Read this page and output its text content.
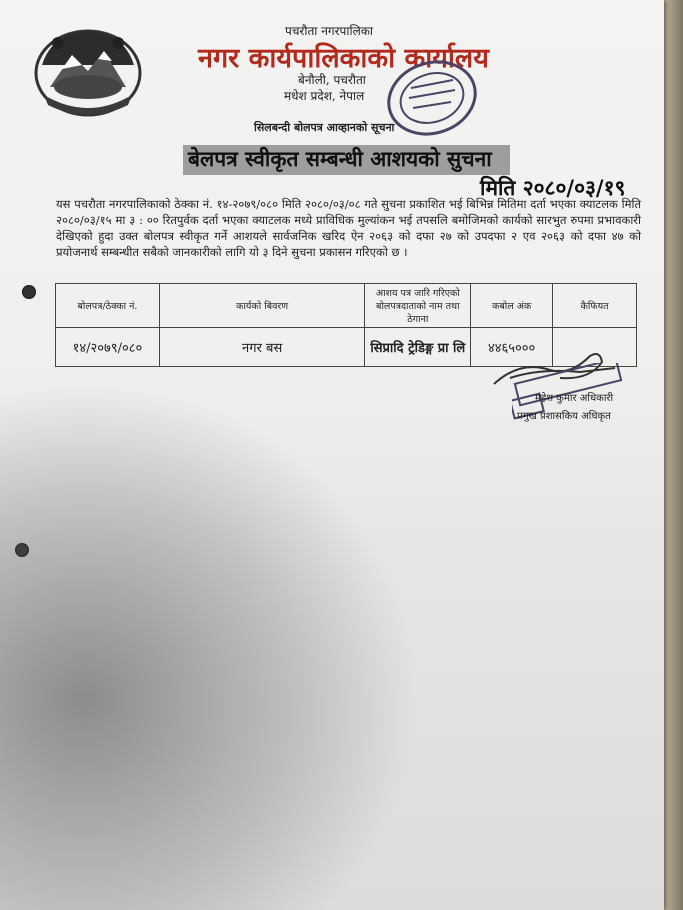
पचरौता नगरपालिका
नगर कार्यपालिकाको कार्यालय
बेनौली, पचरौता
मधेश प्रदेश, नेपाल
सिलबन्दी बोलपत्र आव्हानको सूचना
बेलपत्र स्वीकृत सम्बन्धी आशयको सुचना
मिति २०८०/०३/१९
यस पचरौता नगरपालिकाको ठेक्का नं. १४-२०७९/०८० मिति २०८०/०३/०८ गते सुचना प्रकाशित भई बिभिन्न मितिमा दर्ता भएका क्याटलक मिति २०८०/०३/१५ मा ३ : ०० रितपुर्वक दर्ता भएका क्याटलक मध्ये प्राविधिक मुल्यांकन भई तपसलि बमोजिमको कार्यको सारभुत रुपमा प्रभावकारी देखिएको हुदा उक्त बोलपत्र स्वीकृत गर्ने आशयले सार्वजनिक खरिद ऐन २०६३ को दफा २७ को उपदफा २ एव २०६३ को दफा ४७ को प्रयोजनार्थ सम्बन्धीत सबैको जानकारीको लागि यो ३ दिने सुचना प्रकासन गरिएको छ ।
बोलपत्र/ठेक्का नं.	कार्यको बिवरण	आशय पत्र जारि गरिएको बोलपत्रदाताको नाम तथा ठेगाना	कबोल अंक	कैफियत
१४/२०७९/०८०	नगर बस	सिप्रादि ट्रेडिङ्ग प्रा लि	४४६५०००	
महेश कुमार अधिकारी
प्रमुख प्रशासकिय अधिकृत
